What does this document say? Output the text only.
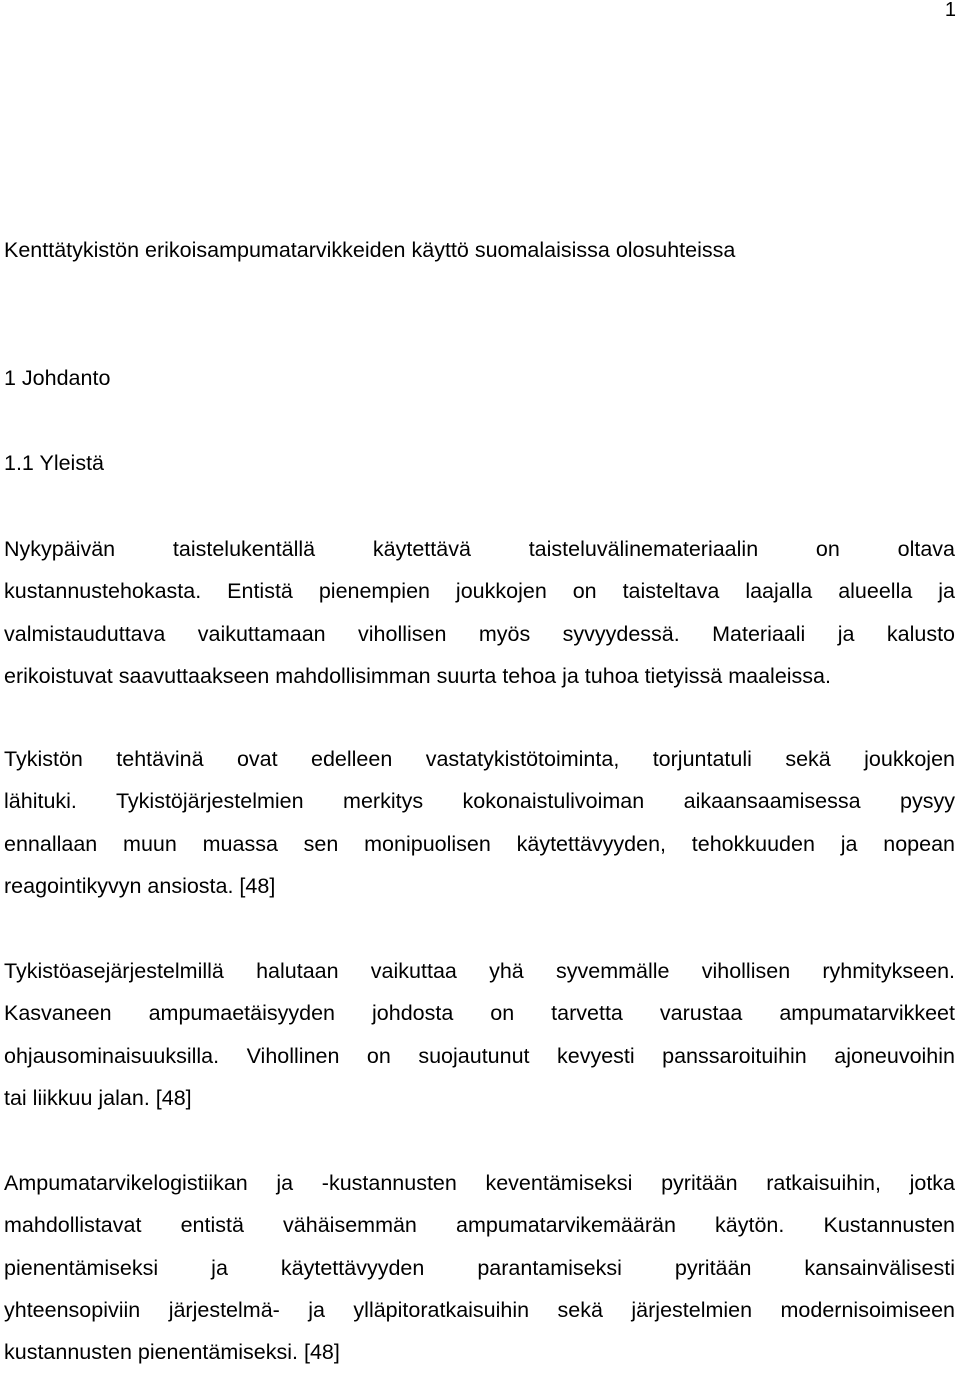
1
Kenttätykistön erikoisampumatarvikkeiden käyttö suomalaisissa olosuhteissa
1 Johdanto
1.1 Yleistä
Nykypäivän taistelukentällä käytettävä taisteluvälinemateriaalin on oltava
kustannustehokasta. Entistä pienempien joukkojen on taisteltava laajalla alueella ja
valmistauduttava vaikuttamaan vihollisen myös syvyydessä. Materiaali ja kalusto
erikoistuvat saavuttaakseen mahdollisimman suurta tehoa ja tuhoa tietyissä maaleissa.
Tykistön tehtävinä ovat edelleen vastatykistötoiminta, torjuntatuli sekä joukkojen
lähituki. Tykistöjärjestelmien merkitys kokonaistulivoiman aikaansaamisessa pysyy
ennallaan muun muassa sen monipuolisen käytettävyyden, tehokkuuden ja nopean
reagointikyvyn ansiosta. [48]
Tykistöasejärjestelmillä halutaan vaikuttaa yhä syvemmälle vihollisen ryhmitykseen.
Kasvaneen ampumaetäisyyden johdosta on tarvetta varustaa ampumatarvikkeet
ohjausominaisuuksilla. Vihollinen on suojautunut kevyesti panssaroituihin ajoneuvoihin
tai liikkuu jalan. [48]
Ampumatarvikelogistiikan ja -kustannusten keventämiseksi pyritään ratkaisuihin, jotka
mahdollistavat entistä vähäisemmän ampumatarvikemäärän käytön. Kustannusten
pienentämiseksi ja käytettävyyden parantamiseksi pyritään kansainvälisesti
yhteensopiviin järjestelmä- ja ylläpitoratkaisuihin sekä järjestelmien modernisoimiseen
kustannusten pienentämiseksi. [48]
